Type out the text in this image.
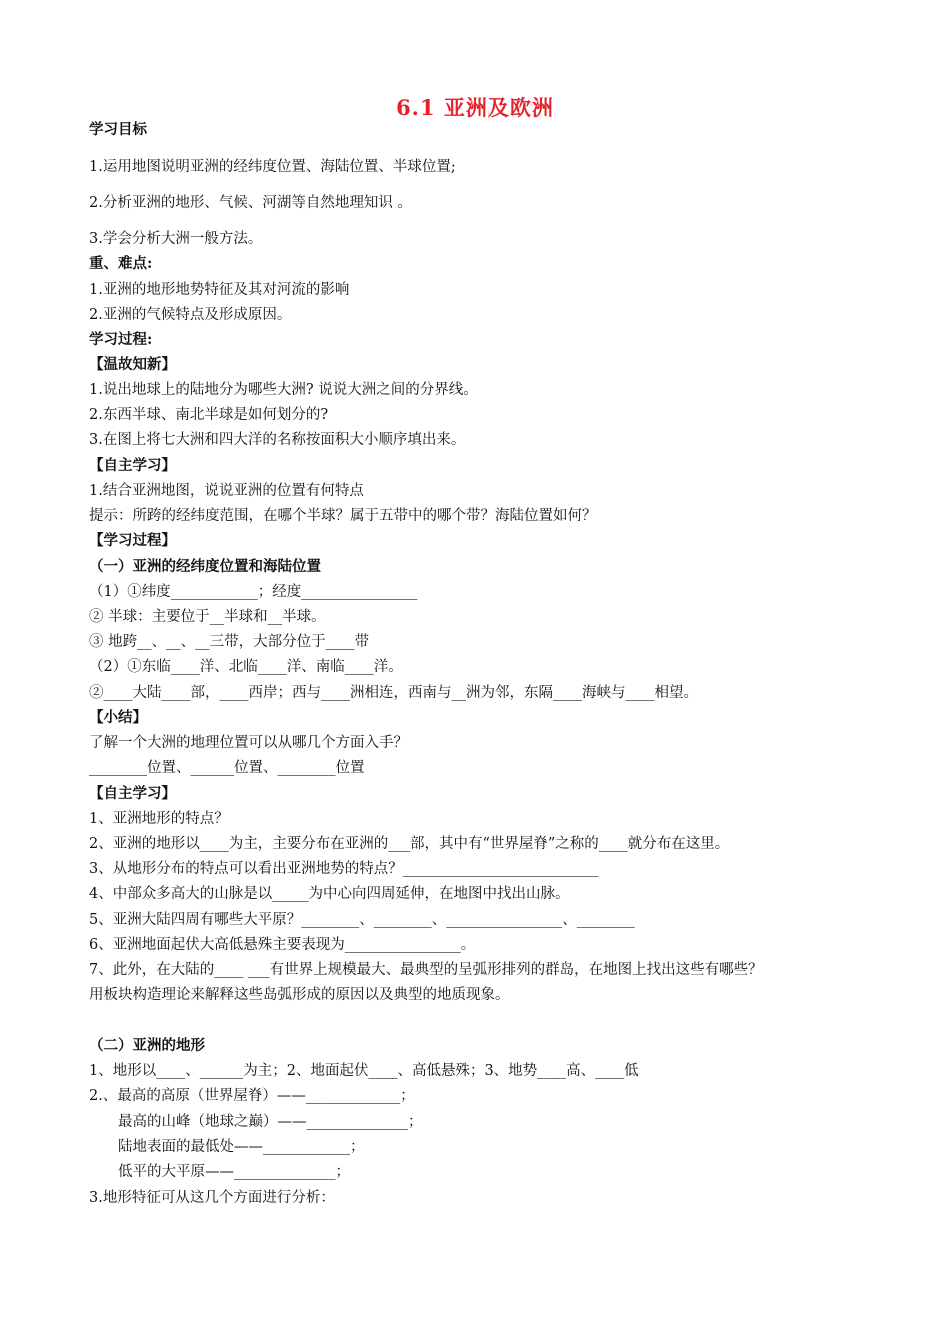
6.1 亚洲及欧洲
学习目标
1.运用地图说明亚洲的经纬度位置、海陆位置、半球位置;
2.分析亚洲的地形、气候、河湖等自然地理知识 。
3.学会分析大洲一般方法。
重、难点:
1.亚洲的地形地势特征及其对河流的影响
2.亚洲的气候特点及形成原因。
学习过程:
【温故知新】
1.说出地球上的陆地分为哪些大洲? 说说大洲之间的分界线。
2.东西半球、南北半球是如何划分的?
3.在图上将七大洲和四大洋的名称按面积大小顺序填出来。
【自主学习】
1.结合亚洲地图，说说亚洲的位置有何特点
提示：所跨的经纬度范围，在哪个半球？属于五带中的哪个带？海陆位置如何？
【学习过程】
（一）亚洲的经纬度位置和海陆位置
（1）①纬度____________；经度________________
② 半球：主要位于__半球和__半球。
③ 地跨__、__、__三带，大部分位于____带
（2）①东临____洋、北临____洋、南临____洋。
②____大陆____部，____西岸；西与____洲相连，西南与__洲为邻，东隔____海峡与____相望。
【小结】
了解一个大洲的地理位置可以从哪几个方面入手？
________位置、______位置、________位置
【自主学习】
1、亚洲地形的特点？
2、亚洲的地形以____为主，主要分布在亚洲的___部，其中有“世界屋脊”之称的____就分布在这里。
3、从地形分布的特点可以看出亚洲地势的特点？___________________________
4、中部众多高大的山脉是以_____为中心向四周延伸，在地图中找出山脉。
5、亚洲大陆四周有哪些大平原？________、________、________________、________
6、亚洲地面起伏大高低悬殊主要表现为________________。
7、此外，在大陆的____ ___有世界上规模最大、最典型的呈弧形排列的群岛，在地图上找出这些有哪些？
用板块构造理论来解释这些岛弧形成的原因以及典型的地质现象。
（二）亚洲的地形
1、地形以____、______为主；2、地面起伏____、高低悬殊；3、地势____高、____低
2.、最高的高原（世界屋脊）——_____________；
最高的山峰（地球之巅）——______________；
陆地表面的最低处——____________；
低平的大平原——______________；
3.地形特征可从这几个方面进行分析：
